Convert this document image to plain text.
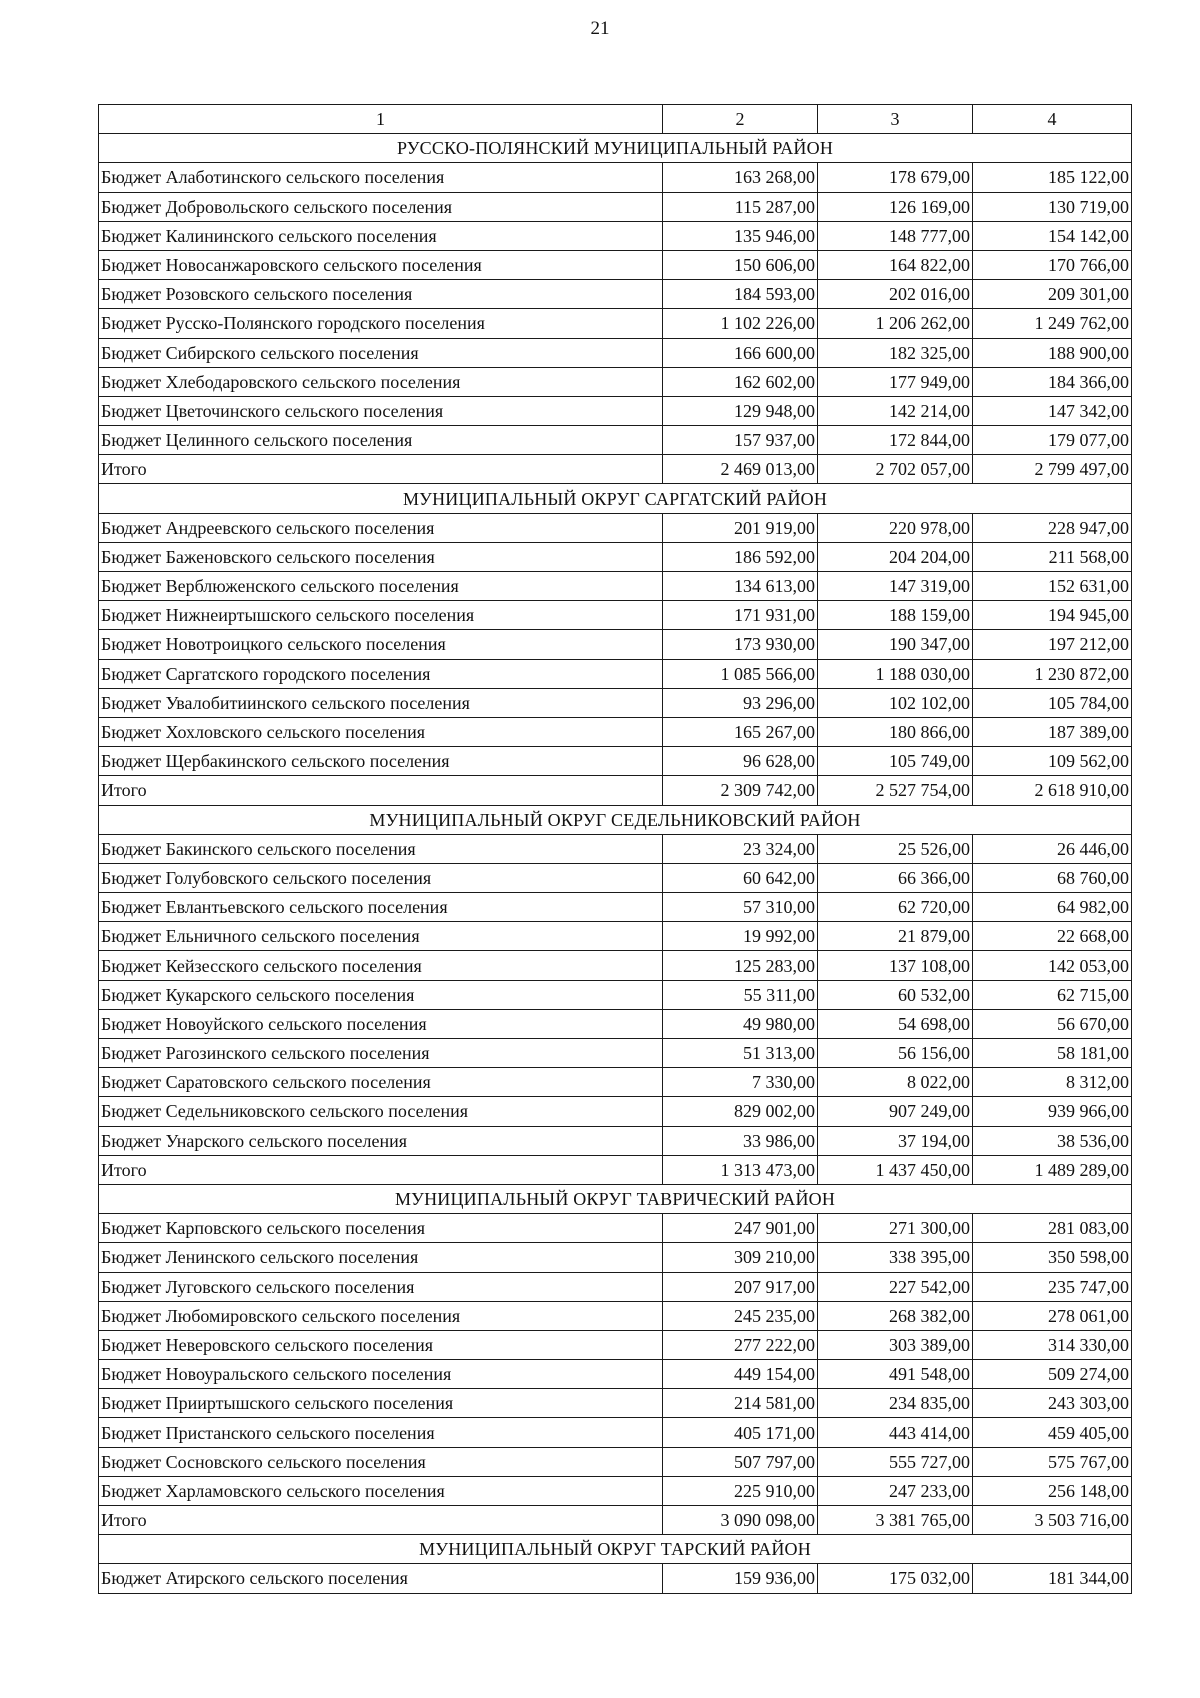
21
1	2	3	4
РУССКО-ПОЛЯНСКИЙ МУНИЦИПАЛЬНЫЙ РАЙОН			
Бюджет Алаботинского сельского поселения	163 268,00	178 679,00	185 122,00
Бюджет Добровольского сельского поселения	115 287,00	126 169,00	130 719,00
Бюджет Калининского сельского поселения	135 946,00	148 777,00	154 142,00
Бюджет Новосанжаровского сельского поселения	150 606,00	164 822,00	170 766,00
Бюджет Розовского сельского поселения	184 593,00	202 016,00	209 301,00
Бюджет Русско-Полянского городского поселения	1 102 226,00	1 206 262,00	1 249 762,00
Бюджет Сибирского сельского поселения	166 600,00	182 325,00	188 900,00
Бюджет Хлебодаровского сельского поселения	162 602,00	177 949,00	184 366,00
Бюджет Цветочинского сельского поселения	129 948,00	142 214,00	147 342,00
Бюджет Целинного сельского поселения	157 937,00	172 844,00	179 077,00
Итого	2 469 013,00	2 702 057,00	2 799 497,00
МУНИЦИПАЛЬНЫЙ ОКРУГ САРГАТСКИЙ РАЙОН			
Бюджет Андреевского сельского поселения	201 919,00	220 978,00	228 947,00
Бюджет Баженовского сельского поселения	186 592,00	204 204,00	211 568,00
Бюджет Верблюженского сельского поселения	134 613,00	147 319,00	152 631,00
Бюджет Нижнеиртышского сельского поселения	171 931,00	188 159,00	194 945,00
Бюджет Новотроицкого сельского поселения	173 930,00	190 347,00	197 212,00
Бюджет Саргатского городского поселения	1 085 566,00	1 188 030,00	1 230 872,00
Бюджет Увалобитиинского сельского поселения	93 296,00	102 102,00	105 784,00
Бюджет Хохловского сельского поселения	165 267,00	180 866,00	187 389,00
Бюджет Щербакинского сельского поселения	96 628,00	105 749,00	109 562,00
Итого	2 309 742,00	2 527 754,00	2 618 910,00
МУНИЦИПАЛЬНЫЙ ОКРУГ СЕДЕЛЬНИКОВСКИЙ РАЙОН			
Бюджет Бакинского сельского поселения	23 324,00	25 526,00	26 446,00
Бюджет Голубовского сельского поселения	60 642,00	66 366,00	68 760,00
Бюджет Евлантьевского сельского поселения	57 310,00	62 720,00	64 982,00
Бюджет Ельничного сельского поселения	19 992,00	21 879,00	22 668,00
Бюджет Кейзесского сельского поселения	125 283,00	137 108,00	142 053,00
Бюджет Кукарского сельского поселения	55 311,00	60 532,00	62 715,00
Бюджет Новоуйского сельского поселения	49 980,00	54 698,00	56 670,00
Бюджет Рагозинского сельского поселения	51 313,00	56 156,00	58 181,00
Бюджет Саратовского сельского поселения	7 330,00	8 022,00	8 312,00
Бюджет Седельниковского сельского поселения	829 002,00	907 249,00	939 966,00
Бюджет Унарского сельского поселения	33 986,00	37 194,00	38 536,00
Итого	1 313 473,00	1 437 450,00	1 489 289,00
МУНИЦИПАЛЬНЫЙ ОКРУГ ТАВРИЧЕСКИЙ РАЙОН			
Бюджет Карповского сельского поселения	247 901,00	271 300,00	281 083,00
Бюджет Ленинского сельского поселения	309 210,00	338 395,00	350 598,00
Бюджет Луговского сельского поселения	207 917,00	227 542,00	235 747,00
Бюджет Любомировского сельского поселения	245 235,00	268 382,00	278 061,00
Бюджет Неверовского сельского поселения	277 222,00	303 389,00	314 330,00
Бюджет Новоуральского сельского поселения	449 154,00	491 548,00	509 274,00
Бюджет Прииртышского сельского поселения	214 581,00	234 835,00	243 303,00
Бюджет Пристанского сельского поселения	405 171,00	443 414,00	459 405,00
Бюджет Сосновского сельского поселения	507 797,00	555 727,00	575 767,00
Бюджет Харламовского сельского поселения	225 910,00	247 233,00	256 148,00
Итого	3 090 098,00	3 381 765,00	3 503 716,00
МУНИЦИПАЛЬНЫЙ ОКРУГ ТАРСКИЙ РАЙОН			
Бюджет Атирского сельского поселения	159 936,00	175 032,00	181 344,00
